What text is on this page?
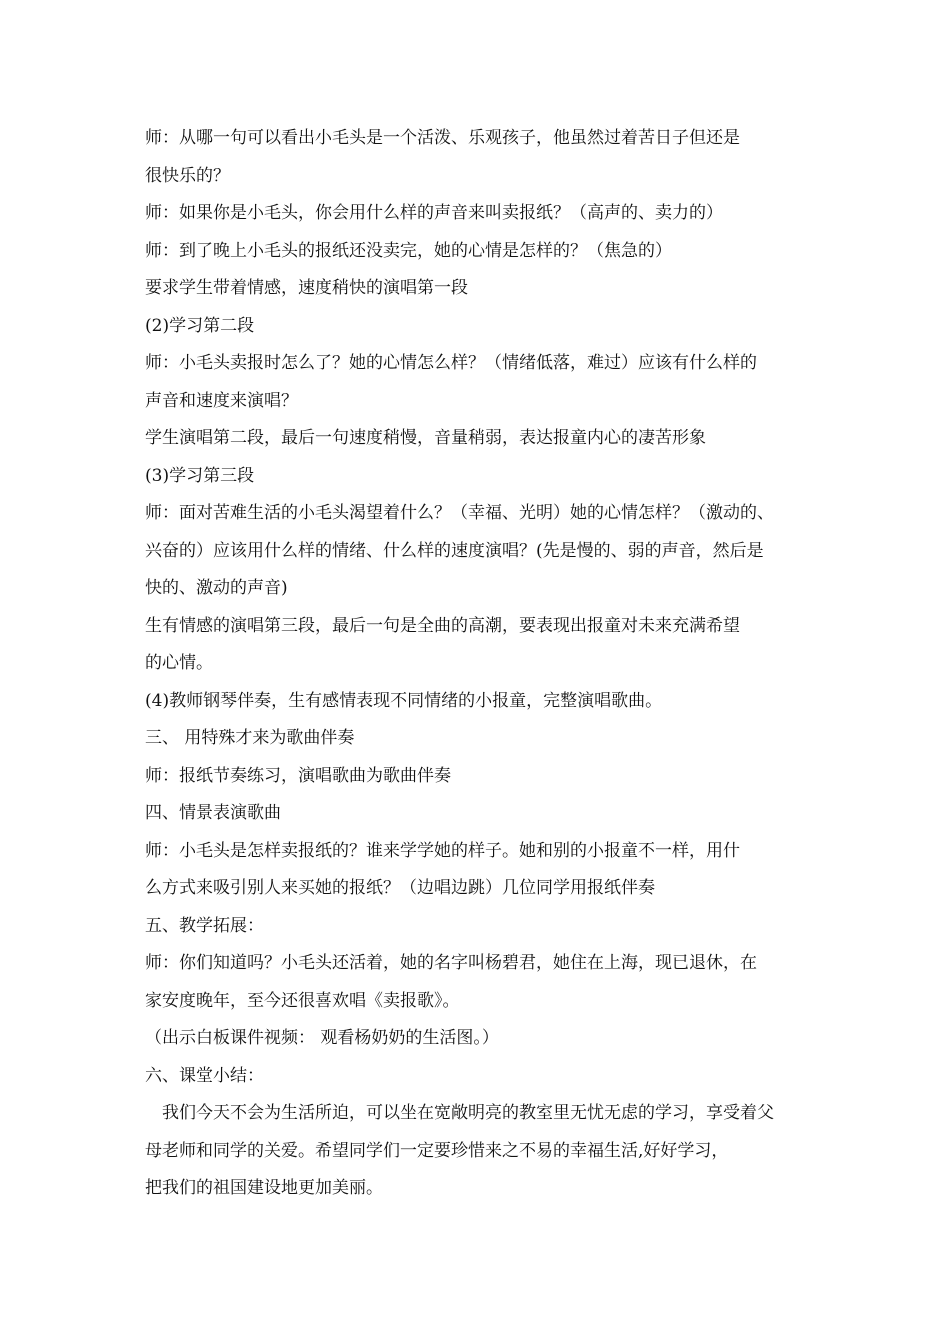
师：从哪一句可以看出小毛头是一个活泼、乐观孩子，他虽然过着苦日子但还是
很快乐的？
师：如果你是小毛头，你会用什么样的声音来叫卖报纸？（高声的、卖力的）
师：到了晚上小毛头的报纸还没卖完，她的心情是怎样的？（焦急的）
要求学生带着情感，速度稍快的演唱第一段
(2)学习第二段
师：小毛头卖报时怎么了？她的心情怎么样？（情绪低落，难过）应该有什么样的
声音和速度来演唱？
学生演唱第二段，最后一句速度稍慢，音量稍弱，表达报童内心的凄苦形象
(3)学习第三段
师：面对苦难生活的小毛头渴望着什么？（幸福、光明）她的心情怎样？（激动的、
兴奋的）应该用什么样的情绪、什么样的速度演唱？(先是慢的、弱的声音，然后是
快的、激动的声音)
生有情感的演唱第三段，最后一句是全曲的高潮，要表现出报童对未来充满希望
的心情。
(4)教师钢琴伴奏，生有感情表现不同情绪的小报童，完整演唱歌曲。
三、 用特殊才来为歌曲伴奏
师：报纸节奏练习，演唱歌曲为歌曲伴奏
四、情景表演歌曲
师：小毛头是怎样卖报纸的？谁来学学她的样子。她和别的小报童不一样，用什
么方式来吸引别人来买她的报纸？（边唱边跳）几位同学用报纸伴奏
五、教学拓展：
师：你们知道吗？小毛头还活着，她的名字叫杨碧君，她住在上海，现已退休，在
家安度晚年，至今还很喜欢唱《卖报歌》。
（出示白板课件视频： 观看杨奶奶的生活图。）
六、课堂小结：
我们今天不会为生活所迫，可以坐在宽敞明亮的教室里无忧无虑的学习，享受着父
母老师和同学的关爱。希望同学们一定要珍惜来之不易的幸福生活,好好学习，
把我们的祖国建设地更加美丽。
